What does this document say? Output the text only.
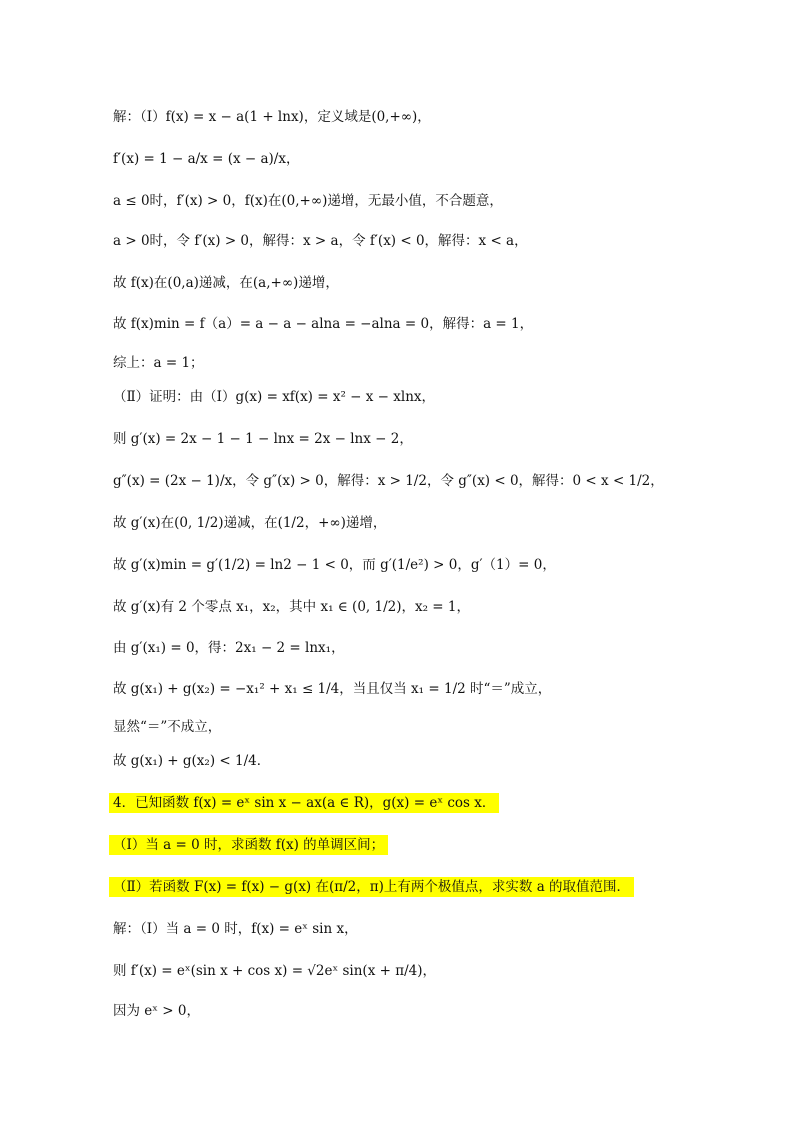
解：（Ⅰ）f(x) = x − a(1 + lnx)，定义域是(0,+∞)，
f′(x) = 1 − a/x = (x − a)/x，
a ≤ 0时，f′(x) > 0，f(x)在(0,+∞)递增，无最小值，不合题意，
a > 0时，令 f′(x) > 0，解得：x > a，令 f′(x) < 0，解得：x < a，
故 f(x)在(0,a)递减，在(a,+∞)递增，
故 f(x)min = f（a）= a − a − alna = −alna = 0，解得：a = 1，
综上：a = 1；
（Ⅱ）证明：由（Ⅰ）g(x) = xf(x) = x² − x − xlnx，
则 g′(x) = 2x − 1 − 1 − lnx = 2x − lnx − 2，
g″(x) = (2x − 1)/x，令 g″(x) > 0，解得：x > 1/2，令 g″(x) < 0，解得：0 < x < 1/2，
故 g′(x)在(0, 1/2)递减，在(1/2，+∞)递增，
故 g′(x)min = g′(1/2) = ln2 − 1 < 0，而 g′(1/e²) > 0，g′（1）= 0，
故 g′(x)有 2 个零点 x₁，x₂，其中 x₁ ∈ (0, 1/2)，x₂ = 1，
由 g′(x₁) = 0，得：2x₁ − 2 = lnx₁，
故 g(x₁) + g(x₂) = −x₁² + x₁ ≤ 1/4，当且仅当 x₁ = 1/2 时“＝”成立，
显然“＝”不成立，
故 g(x₁) + g(x₂) < 1/4．
4．已知函数 f(x) = eˣ sin x − ax(a ∈ R)，g(x) = eˣ cos x．
（Ⅰ）当 a = 0 时，求函数 f(x) 的单调区间；
（Ⅱ）若函数 F(x) = f(x) − g(x) 在(π/2，π)上有两个极值点，求实数 a 的取值范围．
解：（Ⅰ）当 a = 0 时，f(x) = eˣ sin x，
则 f′(x) = eˣ(sin x + cos x) = √2eˣ sin(x + π/4)，
因为 eˣ > 0，
